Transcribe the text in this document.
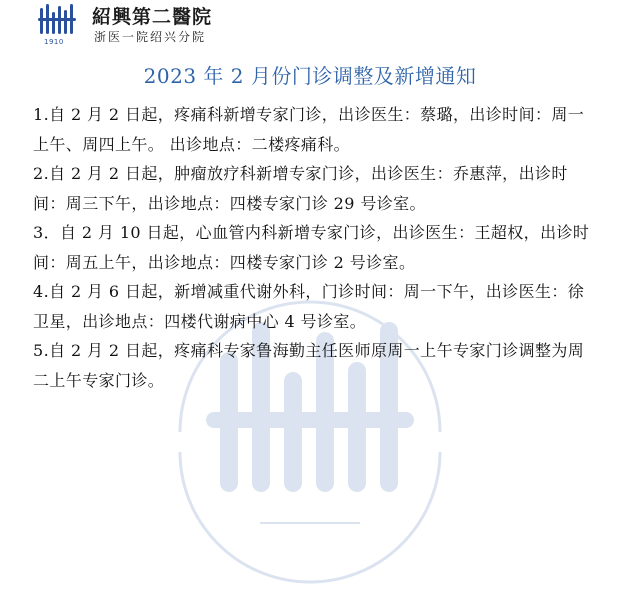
1910
紹興第二醫院
浙医一院绍兴分院
2023 年 2 月份门诊调整及新增通知

1.自 2 月 2 日起，疼痛科新增专家门诊，出诊医生：蔡璐，出诊时间：周一上午、周四上午。 出诊地点：二楼疼痛科。

2.自 2 月 2 日起，肿瘤放疗科新增专家门诊，出诊医生：乔惠萍，出诊时间：周三下午，出诊地点：四楼专家门诊 29 号诊室。

3．自 2 月 10 日起，心血管内科新增专家门诊，出诊医生：王超权，出诊时间：周五上午，出诊地点：四楼专家门诊 2 号诊室。

4.自 2 月 6 日起，新增减重代谢外科，门诊时间：周一下午，出诊医生：徐卫星，出诊地点：四楼代谢病中心 4 号诊室。

5.自 2 月 2 日起，疼痛科专家鲁海勤主任医师原周一上午专家门诊调整为周二上午专家门诊。
